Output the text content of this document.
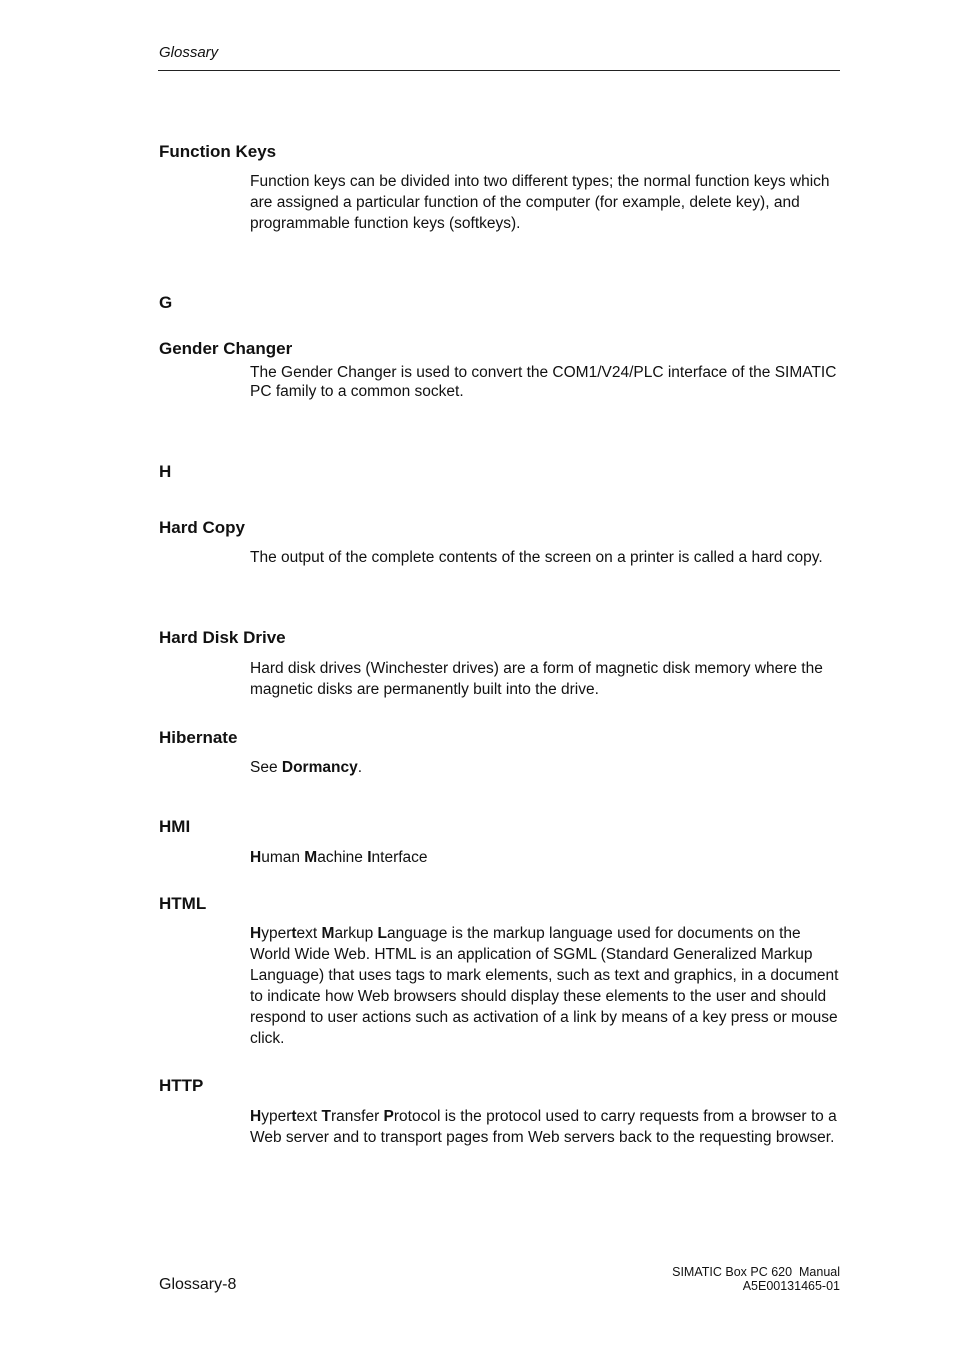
Glossary
Function Keys
Function keys can be divided into two different types; the normal function keys which are assigned a particular function of the computer (for example, delete key), and programmable function keys (softkeys).
G
Gender Changer
The Gender Changer is used to convert the COM1/V24/PLC interface of the SIMATIC PC family to a common socket.
H
Hard Copy
The output of the complete contents of the screen on a printer is called a hard copy.
Hard Disk Drive
Hard disk drives (Winchester drives) are a form of magnetic disk memory where the magnetic disks are permanently built into the drive.
Hibernate
See Dormancy.
HMI
Human Machine Interface
HTML
Hypertext Markup Language is the markup language used for documents on the World Wide Web. HTML is an application of SGML (Standard Generalized Markup Language) that uses tags to mark elements, such as text and graphics, in a document to indicate how Web browsers should display these elements to the user and should respond to user actions such as activation of a link by means of a key press or mouse click.
HTTP
Hypertext Transfer Protocol is the protocol used to carry requests from a browser to a Web server and to transport pages from Web servers back to the requesting browser.
Glossary-8
SIMATIC Box PC 620  Manual
A5E00131465-01
